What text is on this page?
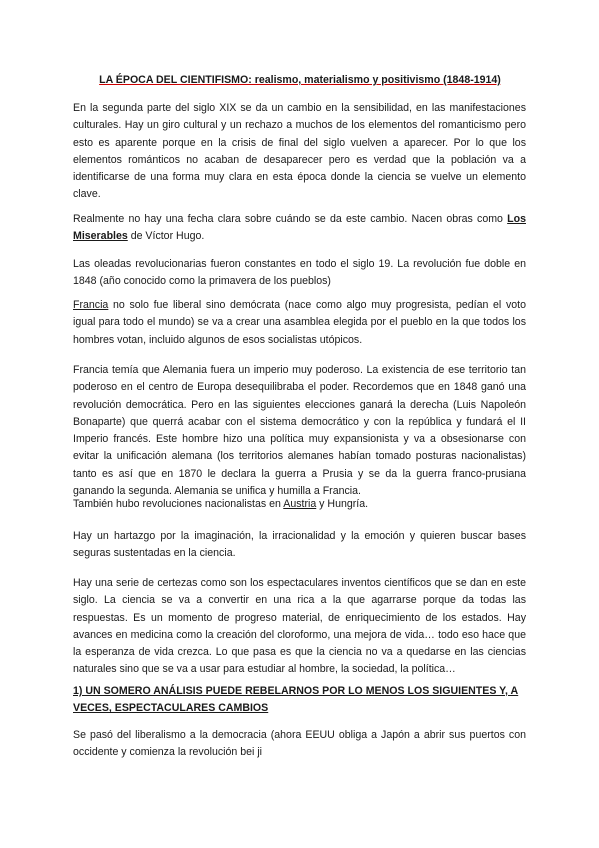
LA ÉPOCA DEL CIENTIFISMO: realismo, materialismo y positivismo (1848-1914)

En la segunda parte del siglo XIX se da un cambio en la sensibilidad, en las manifestaciones culturales. Hay un giro cultural y un rechazo a muchos de los elementos del romanticismo pero esto es aparente porque en la crisis de final del siglo vuelven a aparecer. Por lo que los elementos románticos no acaban de desaparecer pero es verdad que la población va a identificarse de una forma muy clara en esta época donde la ciencia se vuelve un elemento clave.

Realmente no hay una fecha clara sobre cuándo se da este cambio. Nacen obras como Los Miserables de Víctor Hugo.

Las oleadas revolucionarias fueron constantes en todo el siglo 19. La revolución fue doble en 1848 (año conocido como la primavera de los pueblos)

Francia no solo fue liberal sino demócrata (nace como algo muy progresista, pedían el voto igual para todo el mundo) se va a crear una asamblea elegida por el pueblo en la que todos los hombres votan, incluido algunos de esos socialistas utópicos.

Francia temía que Alemania fuera un imperio muy poderoso. La existencia de ese territorio tan poderoso en el centro de Europa desequilibraba el poder. Recordemos que en 1848 ganó una revolución democrática. Pero en las siguientes elecciones ganará la derecha (Luis Napoleón Bonaparte) que querrá acabar con el sistema democrático y con la república y fundará el II Imperio francés. Este hombre hizo una política muy expansionista y va a obsesionarse con evitar la unificación alemana (los territorios alemanes habían tomado posturas nacionalistas) tanto es así que en 1870 le declara la guerra a Prusia y se da la guerra franco-prusiana ganando la segunda. Alemania se unifica y humilla a Francia.

También hubo revoluciones nacionalistas en Austria y Hungría.

Hay un hartazgo por la imaginación, la irracionalidad y la emoción y quieren buscar bases seguras sustentadas en la ciencia.

Hay una serie de certezas como son los espectaculares inventos científicos que se dan en este siglo. La ciencia se va a convertir en una rica a la que agarrarse porque da todas las respuestas. Es un momento de progreso material, de enriquecimiento de los estados. Hay avances en medicina como la creación del cloroformo, una mejora de vida… todo eso hace que la esperanza de vida crezca. Lo que pasa es que la ciencia no va a quedarse en las ciencias naturales sino que se va a usar para estudiar al hombre, la sociedad, la política…

1) UN SOMERO ANÁLISIS PUEDE REBELARNOS POR LO MENOS LOS SIGUIENTES Y, A VECES, ESPECTACULARES CAMBIOS

Se pasó del liberalismo a la democracia (ahora EEUU obliga a Japón a abrir sus puertos con occidente y comienza la revolución bei ji
